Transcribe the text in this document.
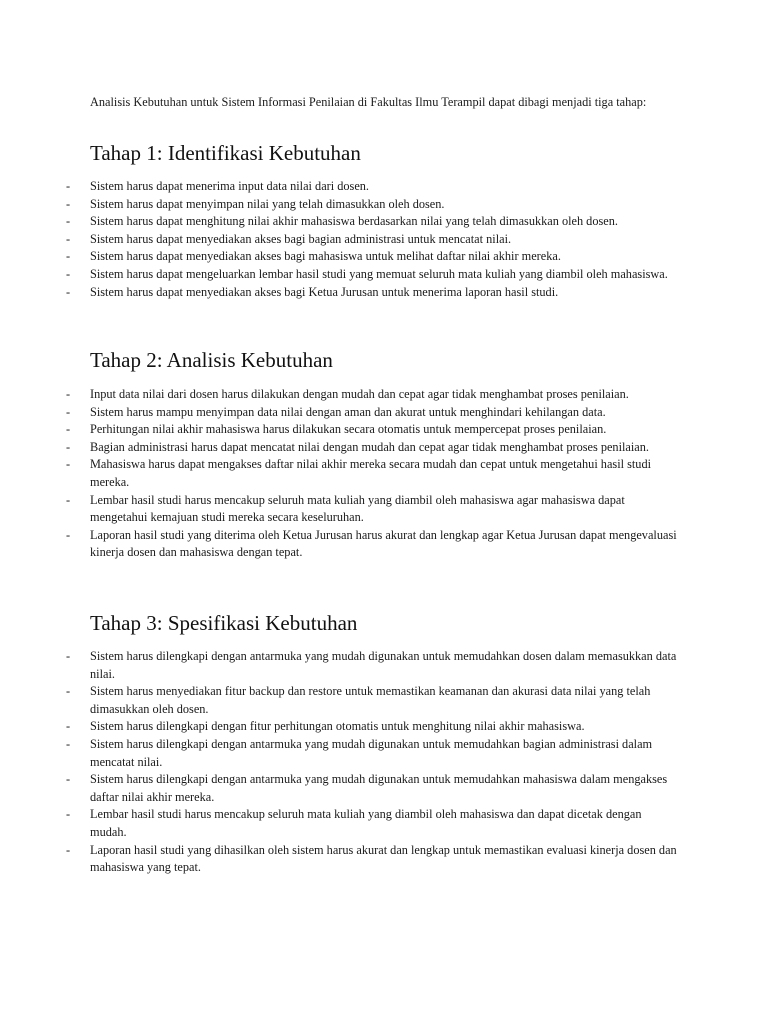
Analisis Kebutuhan untuk Sistem Informasi Penilaian di Fakultas Ilmu Terampil dapat dibagi menjadi tiga tahap:

Tahap 1: Identifikasi Kebutuhan
-	Sistem harus dapat menerima input data nilai dari dosen.
-	Sistem harus dapat menyimpan nilai yang telah dimasukkan oleh dosen.
-	Sistem harus dapat menghitung nilai akhir mahasiswa berdasarkan nilai yang telah dimasukkan oleh dosen.
-	Sistem harus dapat menyediakan akses bagi bagian administrasi untuk mencatat nilai.
-	Sistem harus dapat menyediakan akses bagi mahasiswa untuk melihat daftar nilai akhir mereka.
-	Sistem harus dapat mengeluarkan lembar hasil studi yang memuat seluruh mata kuliah yang diambil oleh mahasiswa.
-	Sistem harus dapat menyediakan akses bagi Ketua Jurusan untuk menerima laporan hasil studi.
Tahap 2: Analisis Kebutuhan
-	Input data nilai dari dosen harus dilakukan dengan mudah dan cepat agar tidak menghambat proses penilaian.
-	Sistem harus mampu menyimpan data nilai dengan aman dan akurat untuk menghindari kehilangan data.
-	Perhitungan nilai akhir mahasiswa harus dilakukan secara otomatis untuk mempercepat proses penilaian.
-	Bagian administrasi harus dapat mencatat nilai dengan mudah dan cepat agar tidak menghambat proses penilaian.
-	Mahasiswa harus dapat mengakses daftar nilai akhir mereka secara mudah dan cepat untuk mengetahui hasil studi mereka.
-	Lembar hasil studi harus mencakup seluruh mata kuliah yang diambil oleh mahasiswa agar mahasiswa dapat mengetahui kemajuan studi mereka secara keseluruhan.
-	Laporan hasil studi yang diterima oleh Ketua Jurusan harus akurat dan lengkap agar Ketua Jurusan dapat mengevaluasi kinerja dosen dan mahasiswa dengan tepat.
Tahap 3: Spesifikasi Kebutuhan
-	Sistem harus dilengkapi dengan antarmuka yang mudah digunakan untuk memudahkan dosen dalam memasukkan data nilai.
-	Sistem harus menyediakan fitur backup dan restore untuk memastikan keamanan dan akurasi data nilai yang telah dimasukkan oleh dosen.
-	Sistem harus dilengkapi dengan fitur perhitungan otomatis untuk menghitung nilai akhir mahasiswa.
-	Sistem harus dilengkapi dengan antarmuka yang mudah digunakan untuk memudahkan bagian administrasi dalam mencatat nilai.
-	Sistem harus dilengkapi dengan antarmuka yang mudah digunakan untuk memudahkan mahasiswa dalam mengakses daftar nilai akhir mereka.
-	Lembar hasil studi harus mencakup seluruh mata kuliah yang diambil oleh mahasiswa dan dapat dicetak dengan mudah.
-	Laporan hasil studi yang dihasilkan oleh sistem harus akurat dan lengkap untuk memastikan evaluasi kinerja dosen dan mahasiswa yang tepat.
